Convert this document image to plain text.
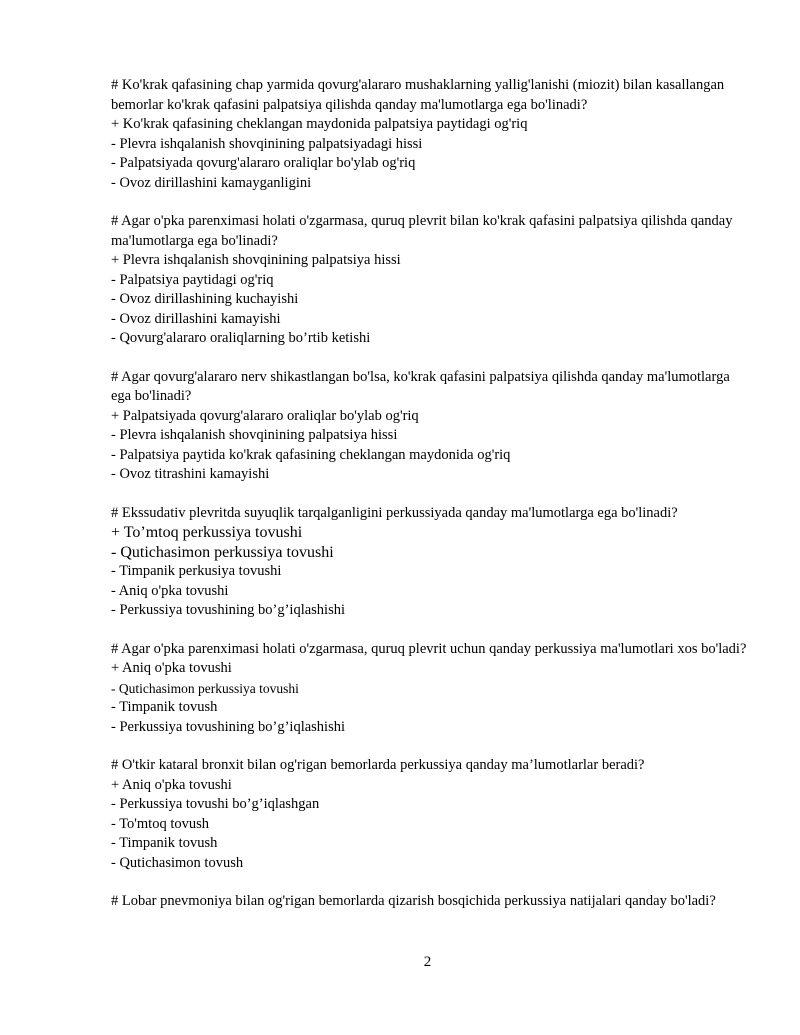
# Ko'krak qafasining chap yarmida qovurg'alararo mushaklarning yallig'lanishi (miozit) bilan kasallangan bemorlar ko'krak qafasini palpatsiya qilishda qanday ma'lumotlarga ega bo'linadi?
+ Ko'krak qafasining cheklangan maydonida palpatsiya paytidagi og'riq
- Plevra ishqalanish shovqinining palpatsiyadagi hissi
- Palpatsiyada qovurg'alararo oraliqlar bo'ylab og'riq
- Ovoz dirillashini kamayganligini
# Agar o'pka parenximasi holati o'zgarmasa, quruq plevrit bilan ko'krak qafasini palpatsiya qilishda qanday ma'lumotlarga ega bo'linadi?
+ Plevra ishqalanish shovqinining palpatsiya hissi
- Palpatsiya paytidagi og'riq
- Ovoz dirillashining kuchayishi
- Ovoz dirillashini kamayishi
- Qovurg'alararo oraliqlarning bo’rtib ketishi
# Agar qovurg'alararo nerv shikastlangan bo'lsa, ko'krak qafasini palpatsiya qilishda qanday ma'lumotlarga ega bo'linadi?
+ Palpatsiyada qovurg'alararo oraliqlar bo'ylab og'riq
- Plevra ishqalanish shovqinining palpatsiya hissi
- Palpatsiya paytida ko'krak qafasining cheklangan maydonida og'riq
- Ovoz titrashini kamayishi
# Ekssudativ plevritda suyuqlik tarqalganligini perkussiyada qanday ma'lumotlarga ega bo'linadi?
+ To’mtoq perkussiya tovushi
- Qutichasimon perkussiya tovushi
- Timpanik perkusiya tovushi
- Aniq o'pka tovushi
- Perkussiya tovushining bo’g’iqlashishi
# Agar o'pka parenximasi holati o'zgarmasa, quruq plevrit uchun qanday perkussiya ma'lumotlari xos bo'ladi?
+ Aniq o'pka tovushi
- Qutichasimon perkussiya tovushi
- Timpanik tovush
- Perkussiya tovushining bo’g’iqlashishi
# O'tkir kataral bronxit bilan og'rigan bemorlarda perkussiya qanday ma’lumotlarlar beradi?
+ Aniq o'pka tovushi
- Perkussiya tovushi bo’g’iqlashgan
- To'mtoq tovush
- Timpanik tovush
- Qutichasimon tovush
# Lobar pnevmoniya bilan og'rigan bemorlarda qizarish bosqichida perkussiya natijalari qanday bo'ladi?
2
